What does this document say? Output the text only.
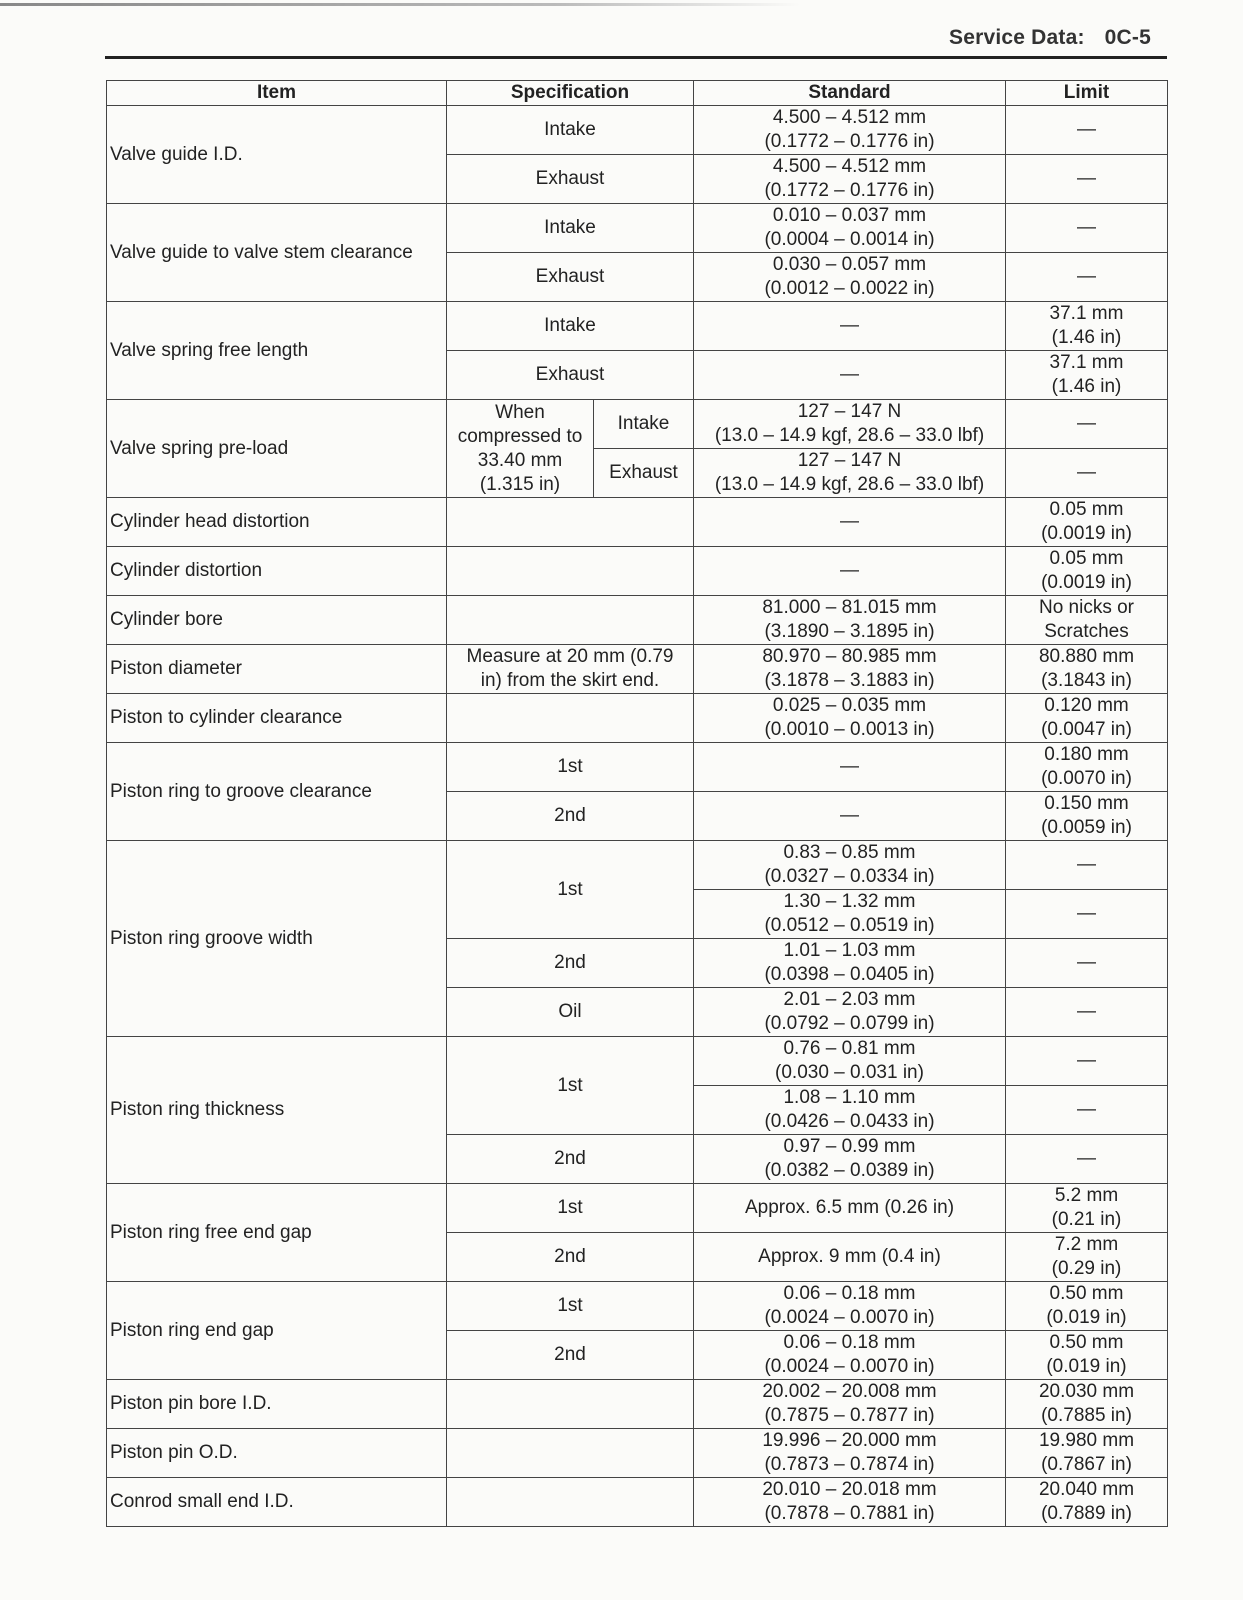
Service Data: 0C-5
Item	Specification		Standard	Limit
Valve guide I.D.	Intake		4.500 – 4.512 mm
(0.1772 – 0.1776 in)	—
	Exhaust		4.500 – 4.512 mm
(0.1772 – 0.1776 in)	—
Valve guide to valve stem clearance	Intake		0.010 – 0.037 mm
(0.0004 – 0.0014 in)	—
	Exhaust		0.030 – 0.057 mm
(0.0012 – 0.0022 in)	—
Valve spring free length	Intake		—	37.1 mm
(1.46 in)

	Exhaust		—	37.1 mm
(1.46 in)

Valve spring pre-load	When
compressed to
33.40 mm
(1.315 in)	Intake	127 – 147 N
(13.0 – 14.9 kgf, 28.6 – 33.0 lbf)	—
		Exhaust	127 – 147 N
(13.0 – 14.9 kgf, 28.6 – 33.0 lbf)	—
Cylinder head distortion			—	0.05 mm
(0.0019 in)

Cylinder distortion			—	0.05 mm
(0.0019 in)

Cylinder bore			81.000 – 81.015 mm
(3.1890 – 3.1895 in)	No nicks or
Scratches

Piston diameter	Measure at 20 mm (0.79
in) from the skirt end.		80.970 – 80.985 mm
(3.1878 – 3.1883 in)	80.880 mm
(3.1843 in)

Piston to cylinder clearance			0.025 – 0.035 mm
(0.0010 – 0.0013 in)	0.120 mm
(0.0047 in)

Piston ring to groove clearance	1st		—	0.180 mm
(0.0070 in)

	2nd		—	0.150 mm
(0.0059 in)

Piston ring groove width	1st		0.83 – 0.85 mm
(0.0327 – 0.0334 in)	—

			1.30 – 1.32 mm
(0.0512 – 0.0519 in)	—
	2nd		1.01 – 1.03 mm
(0.0398 – 0.0405 in)	—
	Oil		2.01 – 2.03 mm
(0.0792 – 0.0799 in)	—
Piston ring thickness	1st		0.76 – 0.81 mm
(0.030 – 0.031 in)	—

			1.08 – 1.10 mm
(0.0426 – 0.0433 in)	—
	2nd		0.97 – 0.99 mm
(0.0382 – 0.0389 in)	—
Piston ring free end gap	1st		Approx. 6.5 mm (0.26 in)	5.2 mm
(0.21 in)

	2nd		Approx. 9 mm (0.4 in)	7.2 mm
(0.29 in)

Piston ring end gap	1st		0.06 – 0.18 mm
(0.0024 – 0.0070 in)	0.50 mm
(0.019 in)

	2nd		0.06 – 0.18 mm
(0.0024 – 0.0070 in)	0.50 mm
(0.019 in)

Piston pin bore I.D.			20.002 – 20.008 mm
(0.7875 – 0.7877 in)	20.030 mm
(0.7885 in)

Piston pin O.D.			19.996 – 20.000 mm
(0.7873 – 0.7874 in)	19.980 mm
(0.7867 in)

Conrod small end I.D.			20.010 – 20.018 mm
(0.7878 – 0.7881 in)	20.040 mm
(0.7889 in)
